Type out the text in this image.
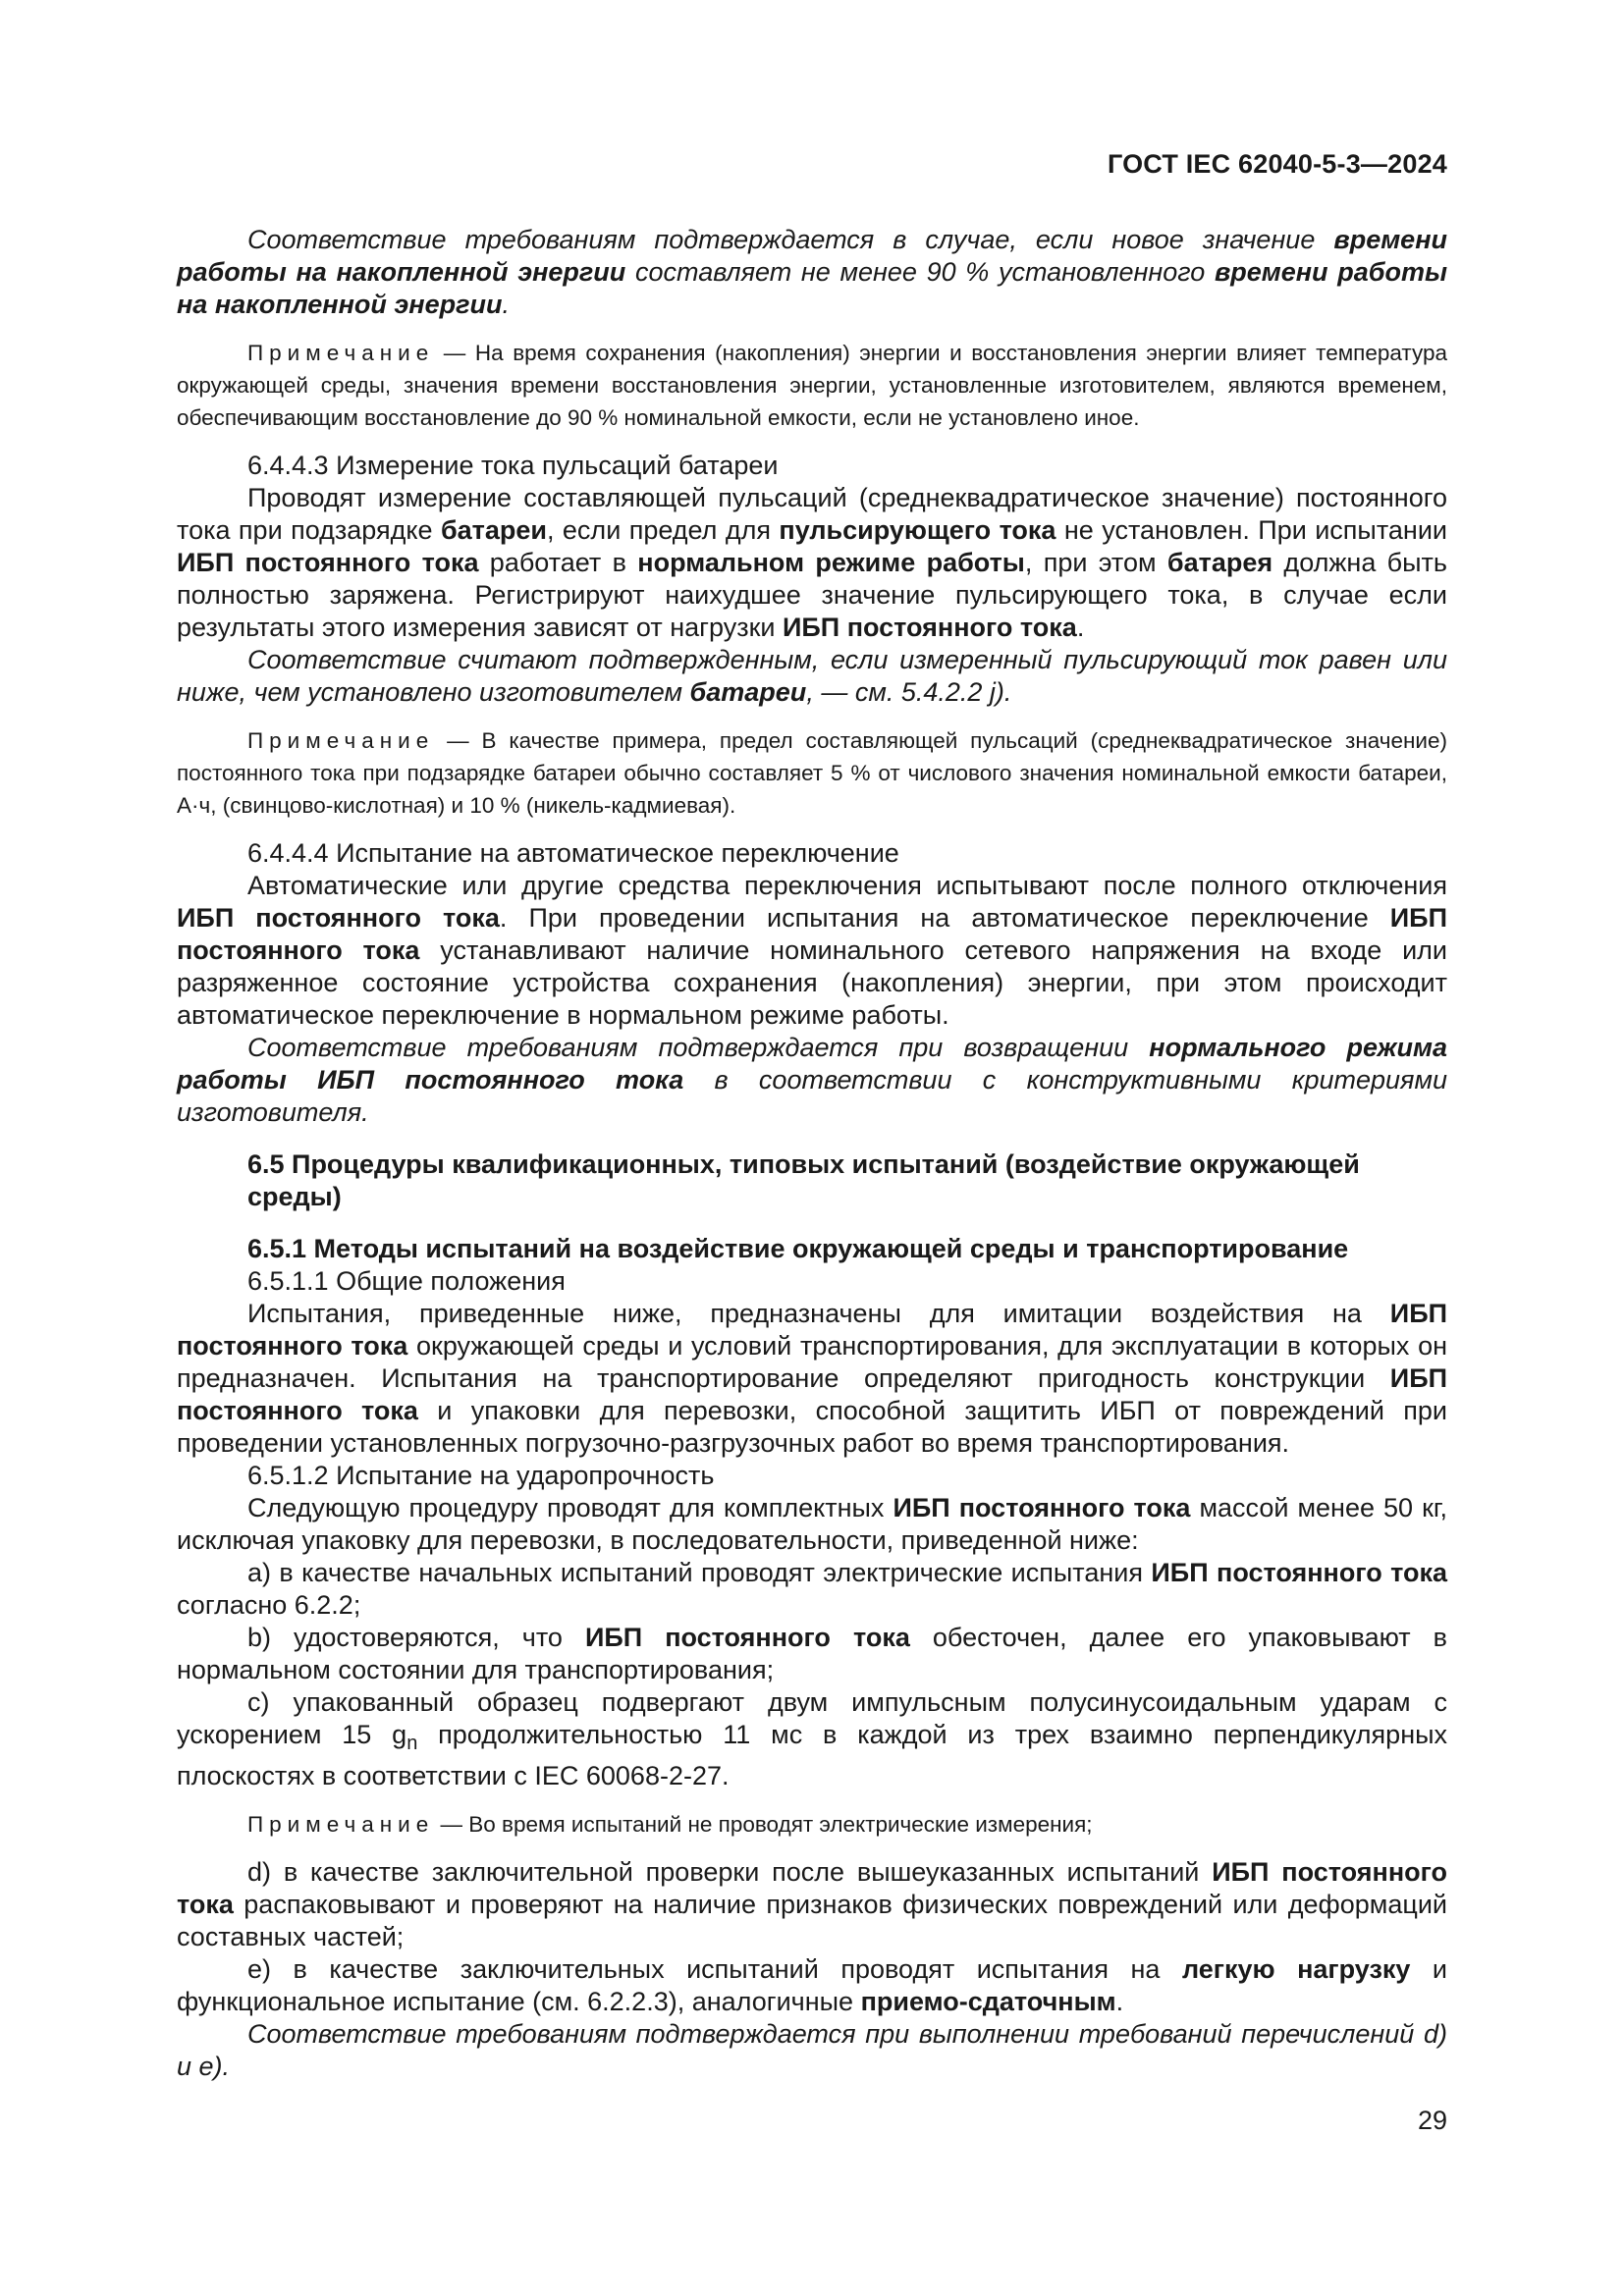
ГОСТ IEC 62040-5-3—2024
Соответствие требованиям подтверждается в случае, если новое значение времени работы на накопленной энергии составляет не менее 90 % установленного времени работы на накопленной энергии.
Примечание — На время сохранения (накопления) энергии и восстановления энергии влияет температура окружающей среды, значения времени восстановления энергии, установленные изготовителем, являются временем, обеспечивающим восстановление до 90 % номинальной емкости, если не установлено иное.
6.4.4.3 Измерение тока пульсаций батареи
Проводят измерение составляющей пульсаций (среднеквадратическое значение) постоянного тока при подзарядке батареи, если предел для пульсирующего тока не установлен. При испытании ИБП постоянного тока работает в нормальном режиме работы, при этом батарея должна быть полностью заряжена. Регистрируют наихудшее значение пульсирующего тока, в случае если результаты этого измерения зависят от нагрузки ИБП постоянного тока.
Соответствие считают подтвержденным, если измеренный пульсирующий ток равен или ниже, чем установлено изготовителем батареи, — см. 5.4.2.2 j).
Примечание — В качестве примера, предел составляющей пульсаций (среднеквадратическое значение) постоянного тока при подзарядке батареи обычно составляет 5 % от числового значения номинальной емкости батареи, А·ч, (свинцово-кислотная) и 10 % (никель-кадмиевая).
6.4.4.4 Испытание на автоматическое переключение
Автоматические или другие средства переключения испытывают после полного отключения ИБП постоянного тока. При проведении испытания на автоматическое переключение ИБП постоянного тока устанавливают наличие номинального сетевого напряжения на входе или разряженное состояние устройства сохранения (накопления) энергии, при этом происходит автоматическое переключение в нормальном режиме работы.
Соответствие требованиям подтверждается при возвращении нормального режима работы ИБП постоянного тока в соответствии с конструктивными критериями изготовителя.
6.5 Процедуры квалификационных, типовых испытаний (воздействие окружающей среды)
6.5.1 Методы испытаний на воздействие окружающей среды и транспортирование
6.5.1.1 Общие положения
Испытания, приведенные ниже, предназначены для имитации воздействия на ИБП постоянного тока окружающей среды и условий транспортирования, для эксплуатации в которых он предназначен. Испытания на транспортирование определяют пригодность конструкции ИБП постоянного тока и упаковки для перевозки, способной защитить ИБП от повреждений при проведении установленных погрузочно-разгрузочных работ во время транспортирования.
6.5.1.2 Испытание на ударопрочность
Следующую процедуру проводят для комплектных ИБП постоянного тока массой менее 50 кг, исключая упаковку для перевозки, в последовательности, приведенной ниже:
a) в качестве начальных испытаний проводят электрические испытания ИБП постоянного тока согласно 6.2.2;
b) удостоверяются, что ИБП постоянного тока обесточен, далее его упаковывают в нормальном состоянии для транспортирования;
c) упакованный образец подвергают двум импульсным полусинусоидальным ударам с ускорением 15 $g_n$ продолжительностью 11 мс в каждой из трех взаимно перпендикулярных плоскостях в соответствии с IEC 60068-2-27.
Примечание — Во время испытаний не проводят электрические измерения;
d) в качестве заключительной проверки после вышеуказанных испытаний ИБП постоянного тока распаковывают и проверяют на наличие признаков физических повреждений или деформаций составных частей;
e) в качестве заключительных испытаний проводят испытания на легкую нагрузку и функциональное испытание (см. 6.2.2.3), аналогичные приемо-сдаточным.
Соответствие требованиям подтверждается при выполнении требований перечислений d) и e).
29
